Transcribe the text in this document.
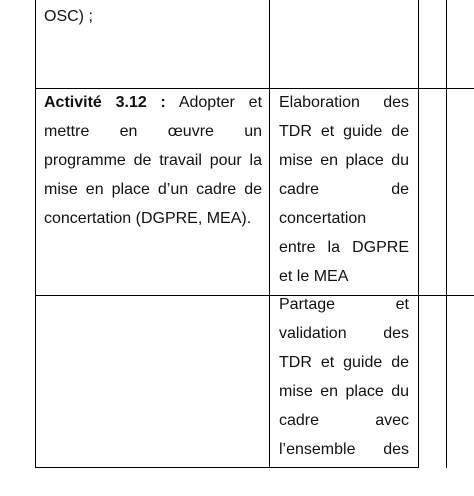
OSC) ;
Activité 3.12 : Adopter et
mettre en œuvre un
programme de travail pour la
mise en place d’un cadre de
concertation (DGPRE, MEA).
Elaboration des
TDR et guide de
mise en place du
cadre de
concertation
entre la DGPRE
et le MEA
Partage et
validation des
TDR et guide de
mise en place du
cadre avec
l’ensemble des
